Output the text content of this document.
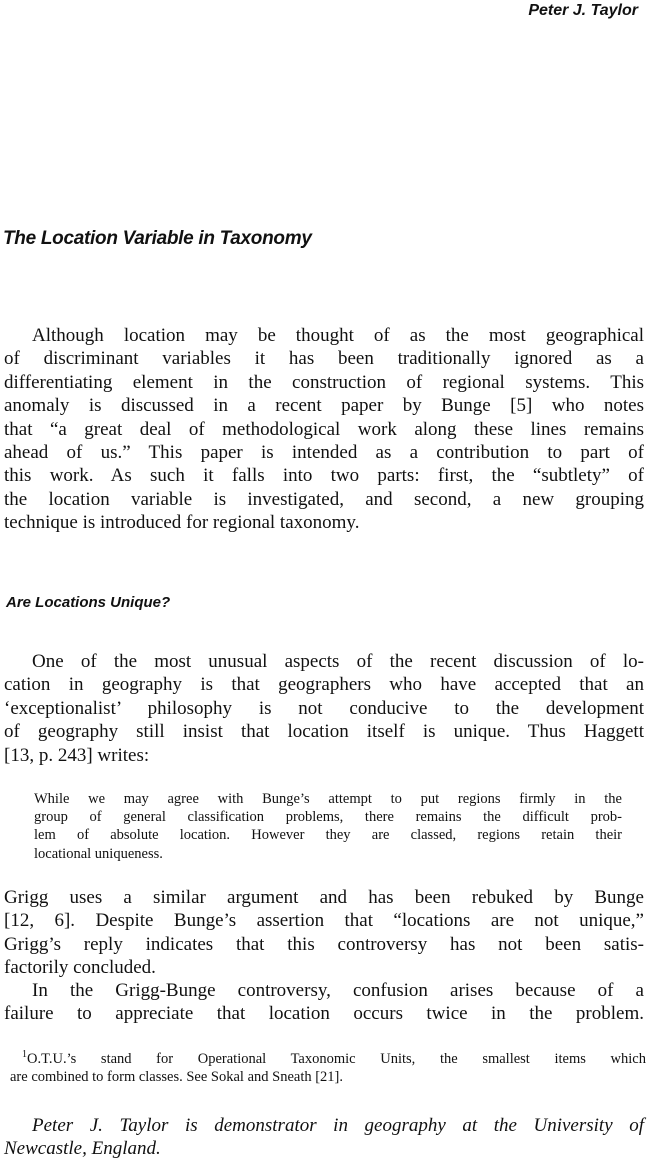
Peter J. Taylor
The Location Variable in Taxonomy

Although location may be thought of as the most geographical

of discriminant variables it has been traditionally ignored as a

differentiating element in the construction of regional systems. This

anomaly is discussed in a recent paper by Bunge [5] who notes

that “a great deal of methodological work along these lines remains

ahead of us.” This paper is intended as a contribution to part of

this work. As such it falls into two parts: first, the “subtlety” of

the location variable is investigated, and second, a new grouping

technique is introduced for regional taxonomy.

Are Locations Unique?

One of the most unusual aspects of the recent discussion of lo-

cation in geography is that geographers who have accepted that an

‘exceptionalist’ philosophy is not conducive to the development

of geography still insist that location itself is unique. Thus Haggett

[13, p. 243] writes:

While we may agree with Bunge’s attempt to put regions firmly in the

group of general classification problems, there remains the difficult prob-

lem of absolute location. However they are classed, regions retain their

locational uniqueness.

Grigg uses a similar argument and has been rebuked by Bunge

[12, 6]. Despite Bunge’s assertion that “locations are not unique,”

Grigg’s reply indicates that this controversy has not been satis-

factorily concluded.

In the Grigg-Bunge controversy, confusion arises because of a

failure to appreciate that location occurs twice in the problem.

$^1$O.T.U.’s stand for Operational Taxonomic Units, the smallest items which

are combined to form classes. See Sokal and Sneath [21].

Peter J. Taylor is demonstrator in geography at the University of

Newcastle, England.
